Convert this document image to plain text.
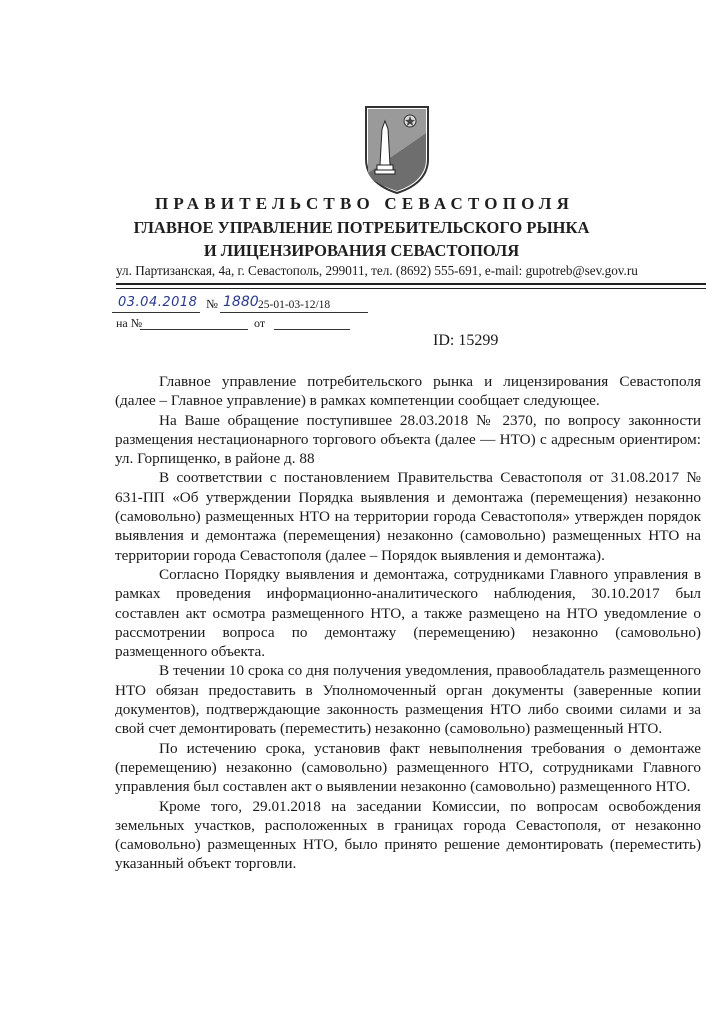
ПРАВИТЕЛЬСТВО СЕВАСТОПОЛЯ
ГЛАВНОЕ УПРАВЛЕНИЕ ПОТРЕБИТЕЛЬСКОГО РЫНКА
И ЛИЦЕНЗИРОВАНИЯ СЕВАСТОПОЛЯ
ул. Партизанская, 4а, г. Севастополь, 299011, тел. (8692) 555-691, e-mail: gupotreb@sev.gov.ru
03.04.2018 № 1880 25-01-03-12/18
на №	от
ID: 15299

Главное управление потребительского рынка и лицензирования Севастополя (далее – Главное управление) в рамках компетенции сообщает следующее.

На Ваше обращение поступившее 28.03.2018 № 2370, по вопросу законности размещения нестационарного торгового объекта (далее — НТО) с адресным ориентиром: ул. Горпищенко, в районе д. 88

В соответствии с постановлением Правительства Севастополя от 31.08.2017 № 631-ПП «Об утверждении Порядка выявления и демонтажа (перемещения) незаконно (самовольно) размещенных НТО на территории города Севастополя» утвержден порядок выявления и демонтажа (перемещения) незаконно (самовольно) размещенных НТО на территории города Севастополя (далее – Порядок выявления и демонтажа).

Согласно Порядку выявления и демонтажа, сотрудниками Главного управления в рамках проведения информационно-аналитического наблюдения, 30.10.2017 был составлен акт осмотра размещенного НТО, а также размещено на НТО уведомление о рассмотрении вопроса по демонтажу (перемещению) незаконно (самовольно) размещенного объекта.

В течении 10 срока со дня получения уведомления, правообладатель размещенного НТО обязан предоставить в Уполномоченный орган документы (заверенные копии документов), подтверждающие законность размещения НТО либо своими силами и за свой счет демонтировать (переместить) незаконно (самовольно) размещенный НТО.

По истечению срока, установив факт невыполнения требования о демонтаже (перемещению) незаконно (самовольно) размещенного НТО, сотрудниками Главного управления был составлен акт о выявлении незаконно (самовольно) размещенного НТО.

Кроме того, 29.01.2018 на заседании Комиссии, по вопросам освобождения земельных участков, расположенных в границах города Севастополя, от незаконно (самовольно) размещенных НТО, было принято решение демонтировать (переместить) указанный объект торговли.
